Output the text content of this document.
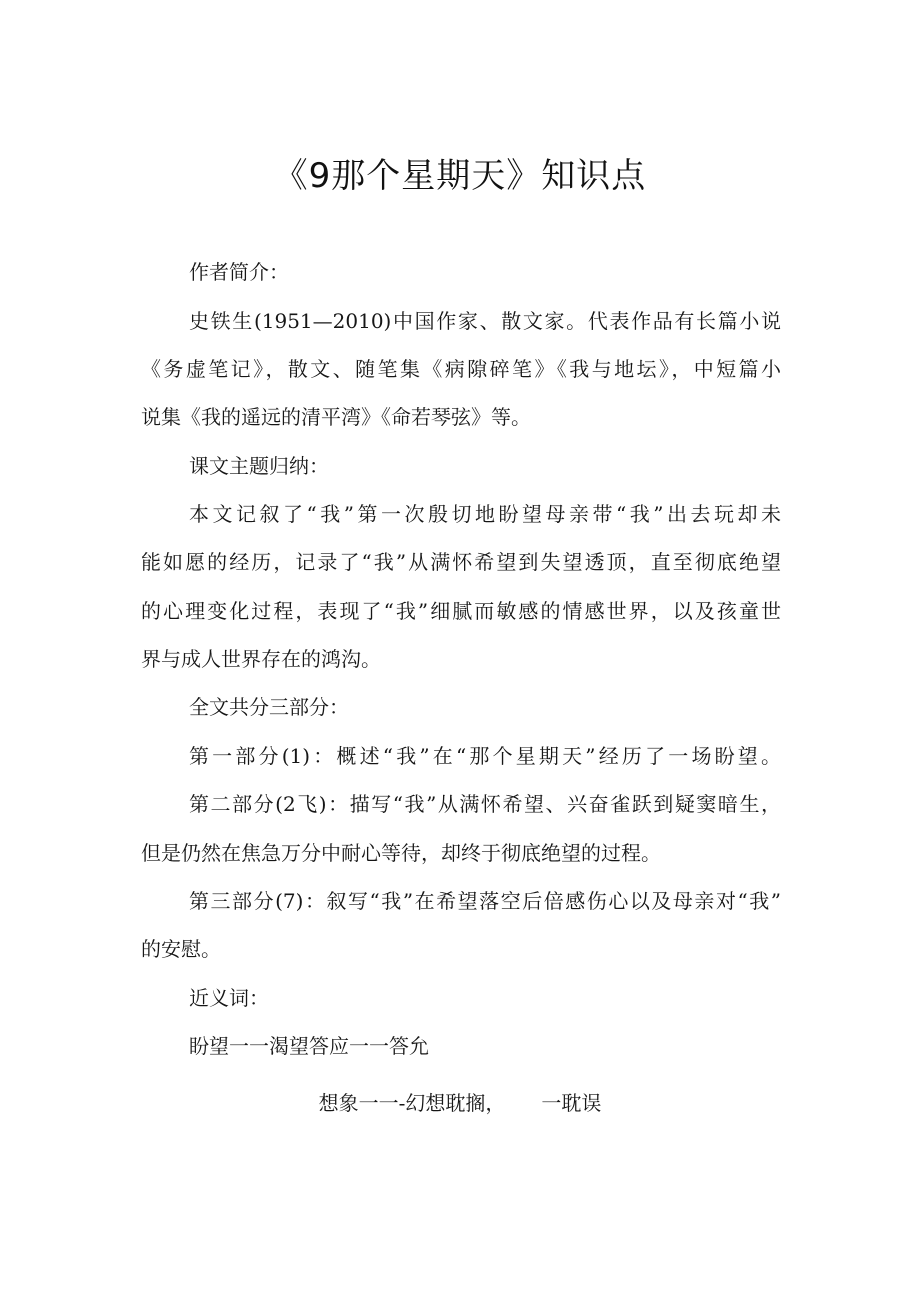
《9那个星期天》知识点
作者简介：
史铁生(1951—2010)中国作家、散文家。代表作品有长篇小说
《务虚笔记》，散文、随笔集《病隙碎笔》《我与地坛》，中短篇小
说集《我的遥远的清平湾》《命若琴弦》等。
课文主题归纳：
本文记叙了“我”第一次殷切地盼望母亲带“我”出去玩却未
能如愿的经历，记录了“我”从满怀希望到失望透顶，直至彻底绝望
的心理变化过程，表现了“我”细腻而敏感的情感世界，以及孩童世
界与成人世界存在的鸿沟。
全文共分三部分：
第一部分(1)：概述“我”在“那个星期天”经历了一场盼望。
第二部分(2飞)：描写“我”从满怀希望、兴奋雀跃到疑窦暗生，
但是仍然在焦急万分中耐心等待，却终于彻底绝望的过程。
第三部分(7)：叙写“我”在希望落空后倍感伤心以及母亲对“我”
的安慰。
近义词：
盼望一一渴望答应一一答允
想象一一-幻想耽搁， 一耽误
